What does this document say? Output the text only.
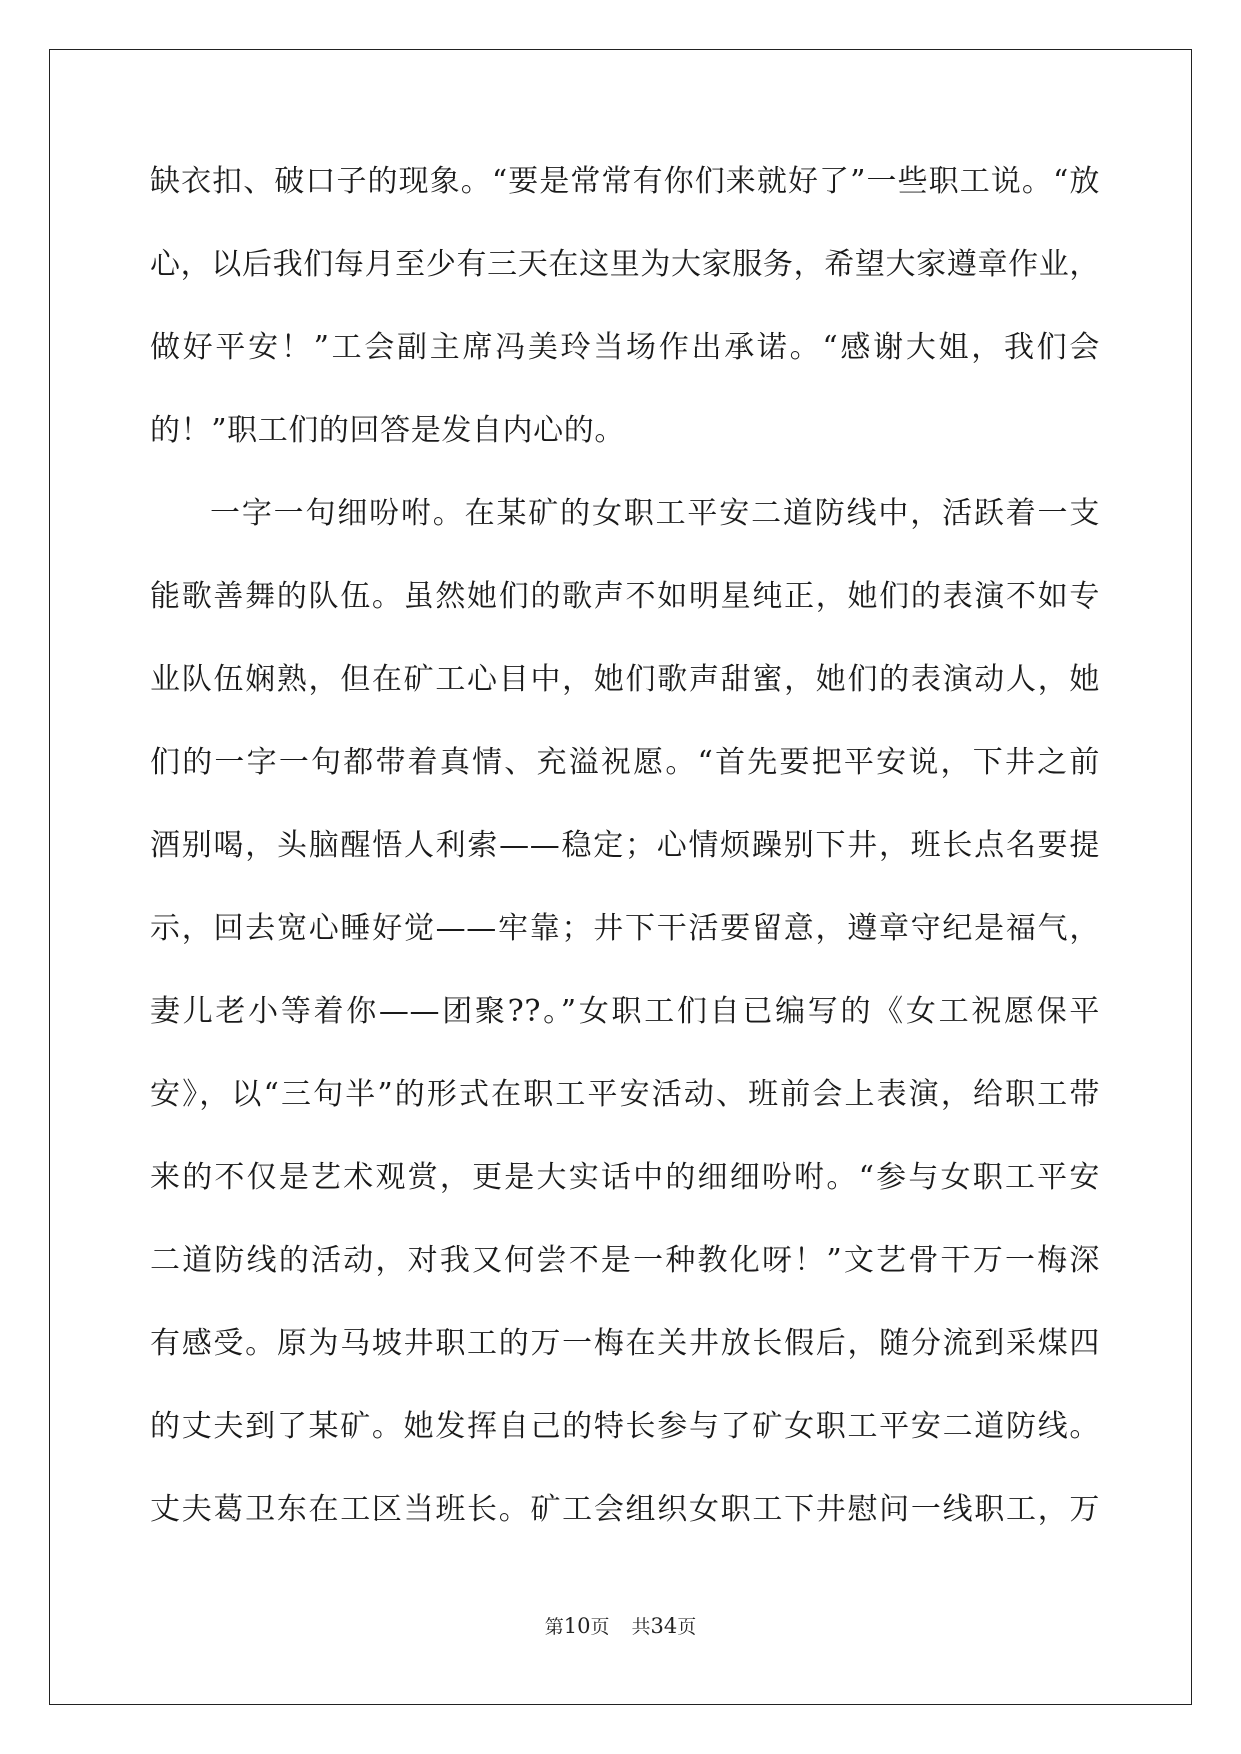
缺衣扣、破口子的现象。“要是常常有你们来就好了”一些职工说。“放
心，以后我们每月至少有三天在这里为大家服务，希望大家遵章作业，
做好平安！”工会副主席冯美玲当场作出承诺。“感谢大姐，我们会
的！”职工们的回答是发自内心的。
一字一句细吩咐。在某矿的女职工平安二道防线中，活跃着一支
能歌善舞的队伍。虽然她们的歌声不如明星纯正，她们的表演不如专
业队伍娴熟，但在矿工心目中，她们歌声甜蜜，她们的表演动人，她
们的一字一句都带着真情、充溢祝愿。“首先要把平安说，下井之前
酒别喝，头脑醒悟人利索——稳定；心情烦躁别下井，班长点名要提
示，回去宽心睡好觉——牢靠；井下干活要留意，遵章守纪是福气，
妻儿老小等着你——团聚??。”女职工们自已编写的《女工祝愿保平
安》，以“三句半”的形式在职工平安活动、班前会上表演，给职工带
来的不仅是艺术观赏，更是大实话中的细细吩咐。“参与女职工平安
二道防线的活动，对我又何尝不是一种教化呀！”文艺骨干万一梅深
有感受。原为马坡井职工的万一梅在关井放长假后，随分流到采煤四
的丈夫到了某矿。她发挥自己的特长参与了矿女职工平安二道防线。
丈夫葛卫东在工区当班长。矿工会组织女职工下井慰问一线职工，万
第10页 共34页
